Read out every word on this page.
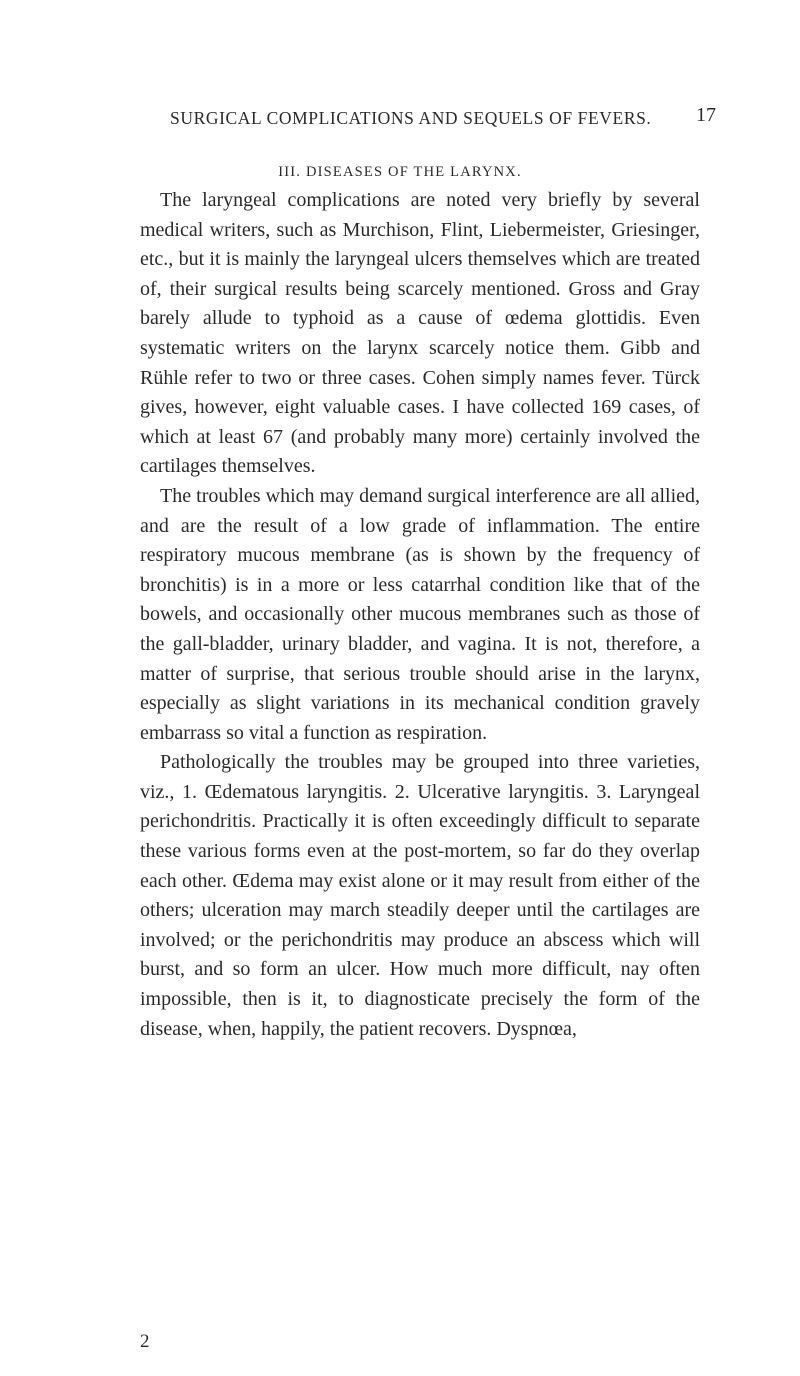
SURGICAL COMPLICATIONS AND SEQUELS OF FEVERS.	17
III. DISEASES OF THE LARYNX.

The laryngeal complications are noted very briefly by several medical writers, such as Murchison, Flint, Liebermeister, Griesinger, etc., but it is mainly the laryngeal ulcers themselves which are treated of, their surgical results being scarcely mentioned. Gross and Gray barely allude to typhoid as a cause of œdema glottidis. Even systematic writers on the larynx scarcely notice them. Gibb and Rühle refer to two or three cases. Cohen simply names fever. Türck gives, however, eight valuable cases. I have collected 169 cases, of which at least 67 (and probably many more) certainly involved the cartilages themselves.

The troubles which may demand surgical interference are all allied, and are the result of a low grade of inflammation. The entire respiratory mucous membrane (as is shown by the frequency of bronchitis) is in a more or less catarrhal condition like that of the bowels, and occasionally other mucous membranes such as those of the gall-bladder, urinary bladder, and vagina. It is not, therefore, a matter of surprise, that serious trouble should arise in the larynx, especially as slight variations in its mechanical condition gravely embarrass so vital a function as respiration.

Pathologically the troubles may be grouped into three varieties, viz., 1. Œdematous laryngitis. 2. Ulcerative laryngitis. 3. Laryngeal perichondritis. Practically it is often exceedingly difficult to separate these various forms even at the post-mortem, so far do they overlap each other. Œdema may exist alone or it may result from either of the others; ulceration may march steadily deeper until the cartilages are involved; or the perichondritis may produce an abscess which will burst, and so form an ulcer. How much more difficult, nay often impossible, then is it, to diagnosticate precisely the form of the disease, when, happily, the patient recovers. Dyspnœa,

2
